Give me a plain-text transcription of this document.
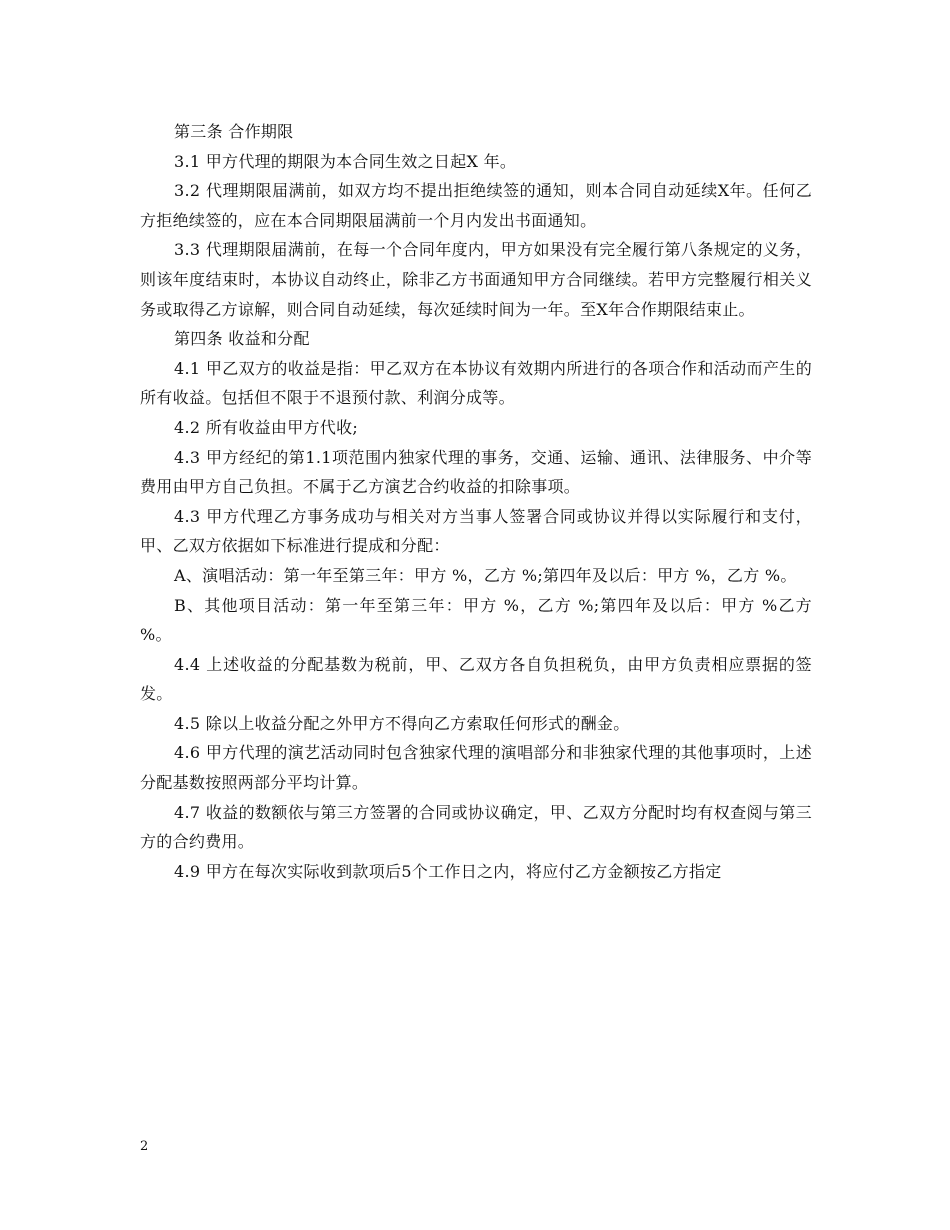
第三条 合作期限

3.1 甲方代理的期限为本合同生效之日起X 年。

3.2 代理期限届满前，如双方均不提出拒绝续签的通知，则本合同自动延续X年。任何乙方拒绝续签的，应在本合同期限届满前一个月内发出书面通知。

3.3 代理期限届满前，在每一个合同年度内，甲方如果没有完全履行第八条规定的义务，则该年度结束时，本协议自动终止，除非乙方书面通知甲方合同继续。若甲方完整履行相关义务或取得乙方谅解，则合同自动延续，每次延续时间为一年。至X年合作期限结束止。

第四条 收益和分配

4.1 甲乙双方的收益是指：甲乙双方在本协议有效期内所进行的各项合作和活动而产生的所有收益。包括但不限于不退预付款、利润分成等。

4.2 所有收益由甲方代收;

4.3 甲方经纪的第1.1项范围内独家代理的事务，交通、运输、通讯、法律服务、中介等费用由甲方自己负担。不属于乙方演艺合约收益的扣除事项。

4.3 甲方代理乙方事务成功与相关对方当事人签署合同或协议并得以实际履行和支付，甲、乙双方依据如下标准进行提成和分配：

A、演唱活动：第一年至第三年：甲方 %，乙方 %;第四年及以后：甲方 %，乙方 %。

B、其他项目活动：第一年至第三年：甲方 %，乙方 %;第四年及以后：甲方 %乙方 %。

4.4 上述收益的分配基数为税前，甲、乙双方各自负担税负，由甲方负责相应票据的签发。

4.5 除以上收益分配之外甲方不得向乙方索取任何形式的酬金。

4.6 甲方代理的演艺活动同时包含独家代理的演唱部分和非独家代理的其他事项时，上述分配基数按照两部分平均计算。

4.7 收益的数额依与第三方签署的合同或协议确定，甲、乙双方分配时均有权查阅与第三方的合约费用。

4.9 甲方在每次实际收到款项后5个工作日之内，将应付乙方金额按乙方指定

2
